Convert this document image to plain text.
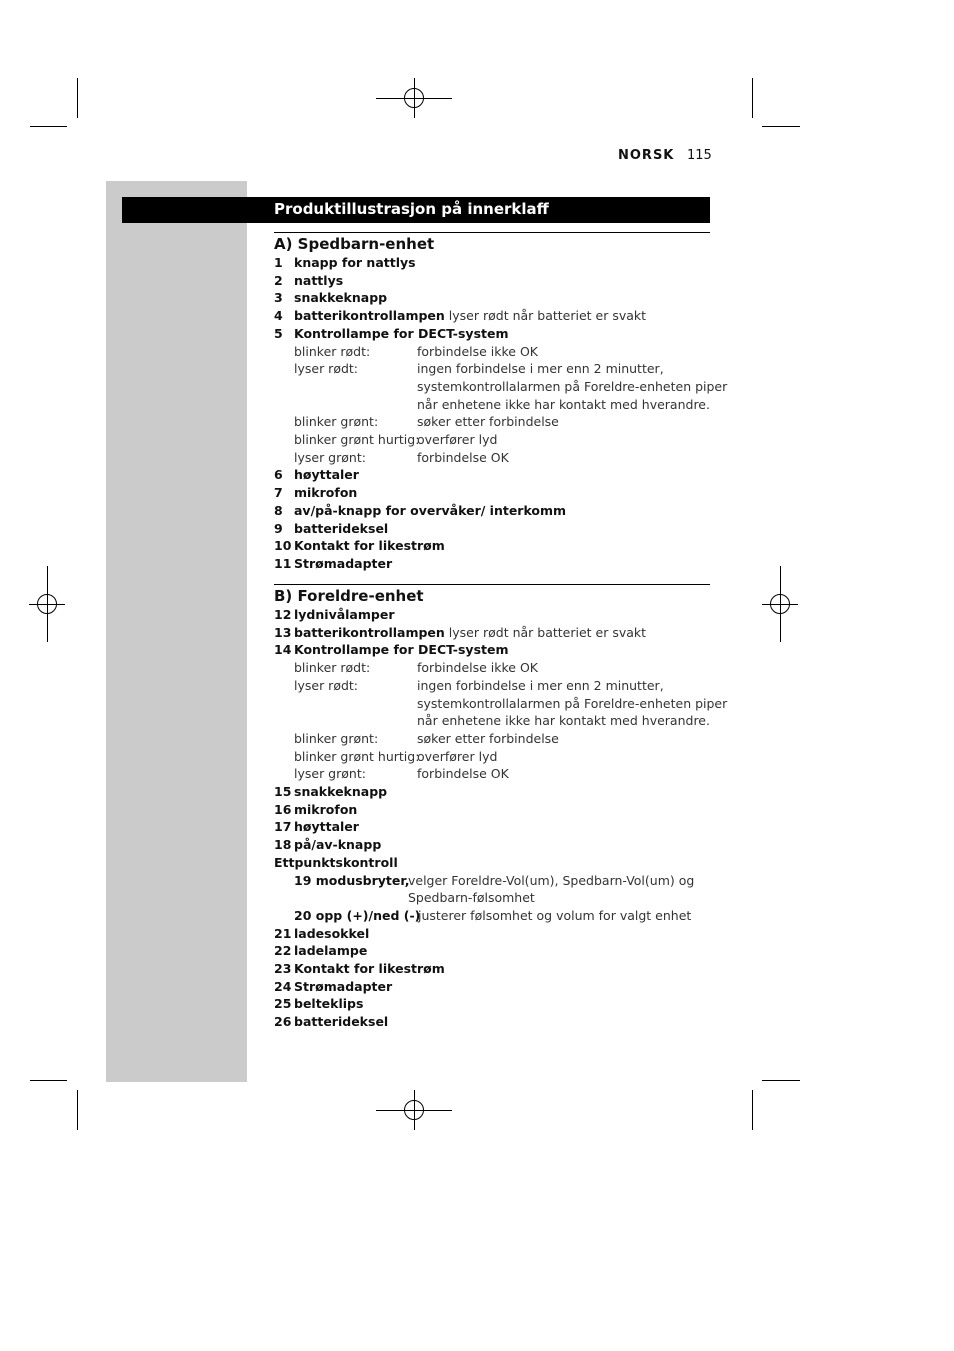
NORSK 115
Produktillustrasjon på innerklaff
A) Spedbarn-enhet
B) Foreldre-enhet
1 knapp for nattlys
2 nattlys
3 snakkeknapp
4 batterikontrollampen lyser rødt når batteriet er svakt
5 Kontrollampe for DECT-system
blinker rødt:	forbindelse ikke OK
lyser rødt:	ingen forbindelse i mer enn 2 minutter,
systemkontrollalarmen på Foreldre-enheten piper
når enhetene ikke har kontakt med hverandre.
blinker grønt:	søker etter forbindelse
blinker grønt hurtig:
overfører lyd
lyser grønt:	forbindelse OK
6 høyttaler
7 mikrofon
8 av/på-knapp for overvåker/ interkomm
9 batterideksel
10 Kontakt for likestrøm
11 Strømadapter
12 lydnivålamper
13 batterikontrollampen lyser rødt når batteriet er svakt
14 Kontrollampe for DECT-system
blinker rødt:	forbindelse ikke OK
lyser rødt:	ingen forbindelse i mer enn 2 minutter,
systemkontrollalarmen på Foreldre-enheten piper
når enhetene ikke har kontakt med hverandre.
blinker grønt:	søker etter forbindelse
blinker grønt hurtig:
overfører lyd
lyser grønt:	forbindelse OK
15 snakkeknapp
16 mikrofon
17 høyttaler
18 på/av-knapp
Ettpunktskontroll
19 modusbryter,
velger Foreldre-Vol(um), Spedbarn-Vol(um) og
Spedbarn-følsomhet
20 opp (+)/ned (-)
justerer følsomhet og volum for valgt enhet
21 ladesokkel
22 ladelampe
23 Kontakt for likestrøm
24 Strømadapter
25 belteklips
26 batterideksel
